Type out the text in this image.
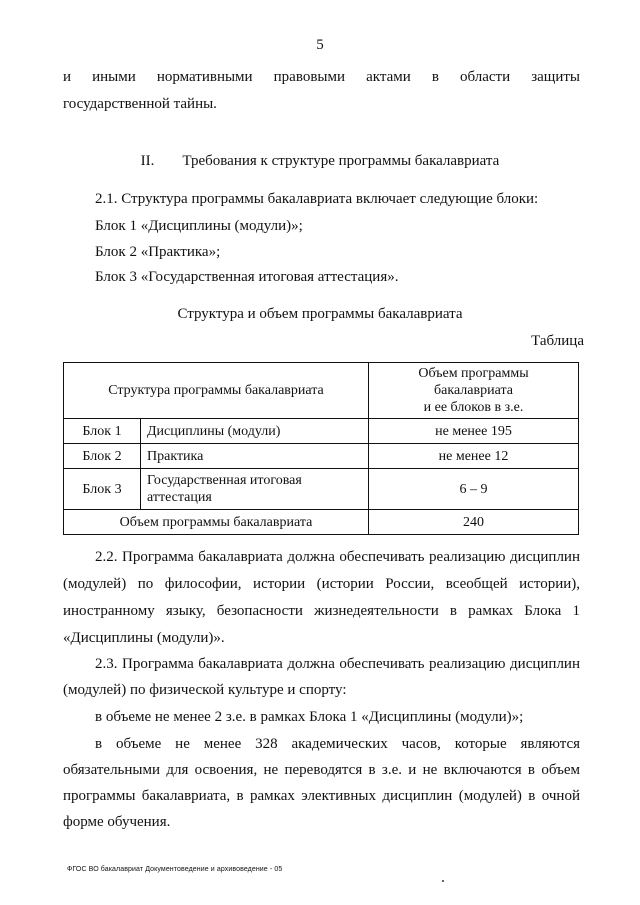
5
и иными нормативными правовыми актами в области защиты
государственной тайны.
II. Требования к структуре программы бакалавриата
2.1. Структура программы бакалавриата включает следующие блоки:
Блок 1 «Дисциплины (модули)»;
Блок 2 «Практика»;
Блок 3 «Государственная итоговая аттестация».
Структура и объем программы бакалавриата
Таблица
Структура программы бакалавриата		Объем программы
бакалавриата
и ее блоков в з.е.

Блок 1	Дисциплины (модули)	не менее 195
Блок 2	Практика	не менее 12
Блок 3	Государственная итоговая аттестация	6 – 9
Объем программы бакалавриата		240
2.2. Программа бакалавриата должна обеспечивать реализацию дисциплин
(модулей) по философии, истории (истории России, всеобщей истории),
иностранному языку, безопасности жизнедеятельности в рамках Блока 1
«Дисциплины (модули)».
2.3. Программа бакалавриата должна обеспечивать реализацию дисциплин
(модулей) по физической культуре и спорту:
в объеме не менее 2 з.е. в рамках Блока 1 «Дисциплины (модули)»;
в объеме не менее 328 академических часов, которые являются
обязательными для освоения, не переводятся в з.е. и не включаются в объем
программы бакалавриата, в рамках элективных дисциплин (модулей) в очной
форме обучения.
ФГОС ВО бакалавриат Документоведение и архивоведение - 05
